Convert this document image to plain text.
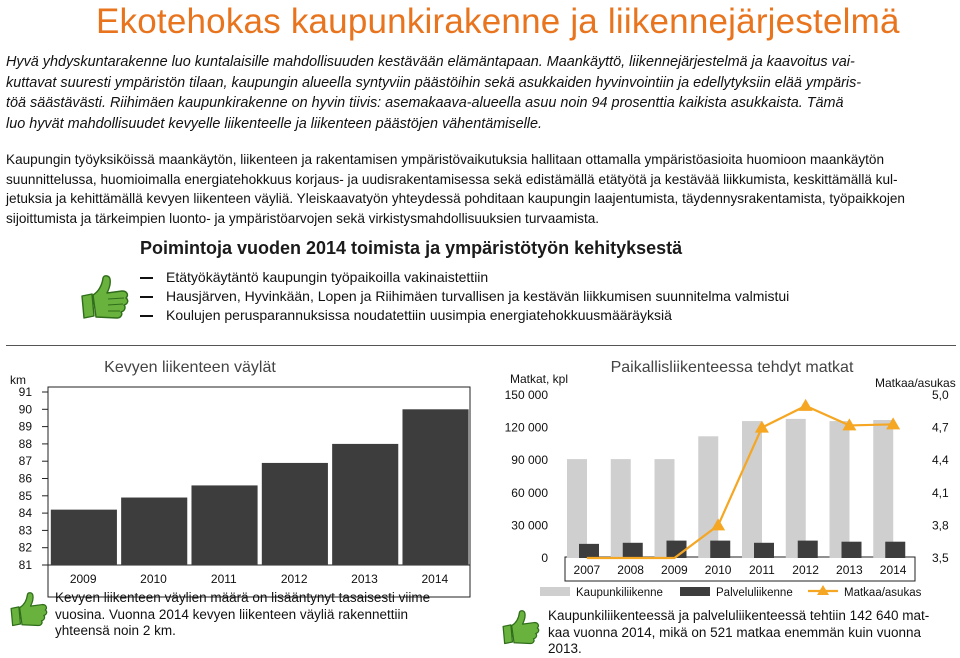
Ekotehokas kaupunkirakenne ja liikennejärjestelmä

Hyvä yhdyskuntarakenne luo kuntalaisille mahdollisuuden kestävään elämäntapaan. Maankäyttö, liikennejärjestelmä ja kaavoitus vai-
kuttavat suuresti ympäristön tilaan, kaupungin alueella syntyviin päästöihin sekä asukkaiden hyvinvointiin ja edellytyksiin elää ympäris-
töä säästävästi. Riihimäen kaupunkirakenne on hyvin tiivis: asemakaava-alueella asuu noin 94 prosenttia kaikista asukkaista. Tämä
luo hyvät mahdollisuudet kevyelle liikenteelle ja liikenteen päästöjen vähentämiselle.

Kaupungin työyksiköissä maankäytön, liikenteen ja rakentamisen ympäristövaikutuksia hallitaan ottamalla ympäristöasioita huomioon maankäytön
suunnittelussa, huomioimalla energiatehokkuus korjaus- ja uudisrakentamisessa sekä edistämällä etätyötä ja kestävää liikkumista, keskittämällä kul-
jetuksia ja kehittämällä kevyen liikenteen väyliä. Yleiskaavatyön yhteydessä pohditaan kaupungin laajentumista, täydennysrakentamista, työpaikkojen
sijoittumista ja tärkeimpien luonto- ja ympäristöarvojen sekä virkistysmahdollisuuksien turvaamista.

Poimintoja vuoden 2014 toimista ja ympäristötyön kehityksestä
Etätyökäytäntö kaupungin työpaikoilla vakinaistettiin
Hausjärven, Hyvinkään, Lopen ja Riihimäen turvallisen ja kestävän liikkumisen suunnitelma valmistui
Koulujen perusparannuksissa noudatettiin uusimpia energiatehokkuusmääräyksiä
Kevyen liikenteen väylät
km
91
90
89
88
87
86
85
84
83
82
81
2009	2010	2011	2012	2013	2014
Paikallisliikenteessa tehdyt matkat
Matkat, kpl	Matkaa/asukas
150 000
120 000
90 000
60 000
30 000
0
5,0
4,7
4,4
4,1
3,8
3,5
2007 2008 2009 2010 2011 2012 2013 2014
Kaupunkiliikenne	Palveluliikenne	Matkaa/asukas

Kevyen liikenteen väylien määrä on lisääntynyt tasaisesti viime
vuosina. Vuonna 2014 kevyen liikenteen väyliä rakennettiin
yhteensä noin 2 km.

Kaupunkiliikenteessä ja palveluliikenteessä tehtiin 142 640 mat-
kaa vuonna 2014, mikä on 521 matkaa enemmän kuin vuonna
2013.
